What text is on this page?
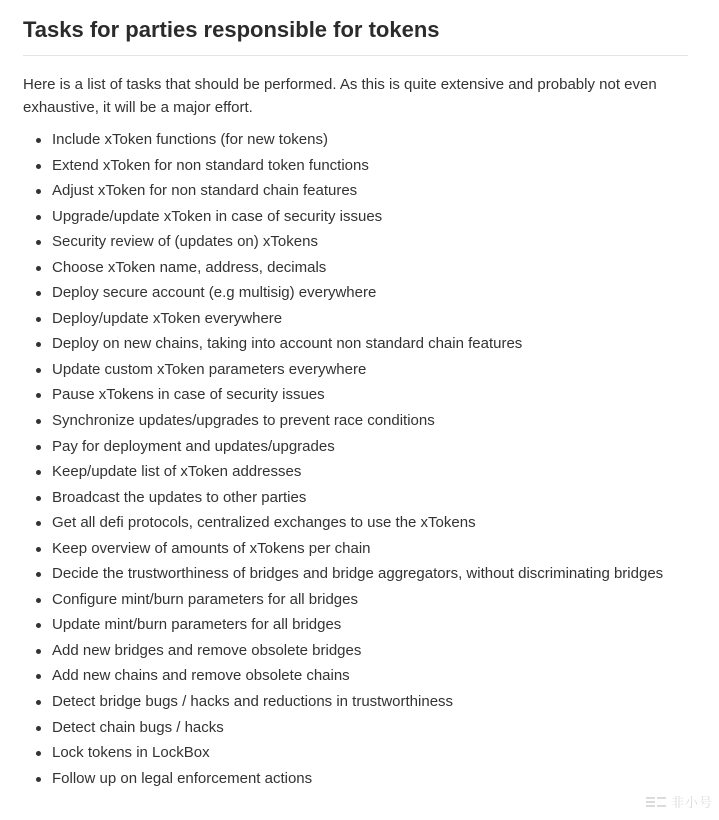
Tasks for parties responsible for tokens

Here is a list of tasks that should be performed. As this is quite extensive and probably not even exhaustive, it will be a major effort.

Include xToken functions (for new tokens)
Extend xToken for non standard token functions
Adjust xToken for non standard chain features
Upgrade/update xToken in case of security issues
Security review of (updates on) xTokens
Choose xToken name, address, decimals
Deploy secure account (e.g multisig) everywhere
Deploy/update xToken everywhere
Deploy on new chains, taking into account non standard chain features
Update custom xToken parameters everywhere
Pause xTokens in case of security issues
Synchronize updates/upgrades to prevent race conditions
Pay for deployment and updates/upgrades
Keep/update list of xToken addresses
Broadcast the updates to other parties
Get all defi protocols, centralized exchanges to use the xTokens
Keep overview of amounts of xTokens per chain
Decide the trustworthiness of bridges and bridge aggregators, without discriminating bridges
Configure mint/burn parameters for all bridges
Update mint/burn parameters for all bridges
Add new bridges and remove obsolete bridges
Add new chains and remove obsolete chains
Detect bridge bugs / hacks and reductions in trustworthiness
Detect chain bugs / hacks
Lock tokens in LockBox
Follow up on legal enforcement actions
非小号
